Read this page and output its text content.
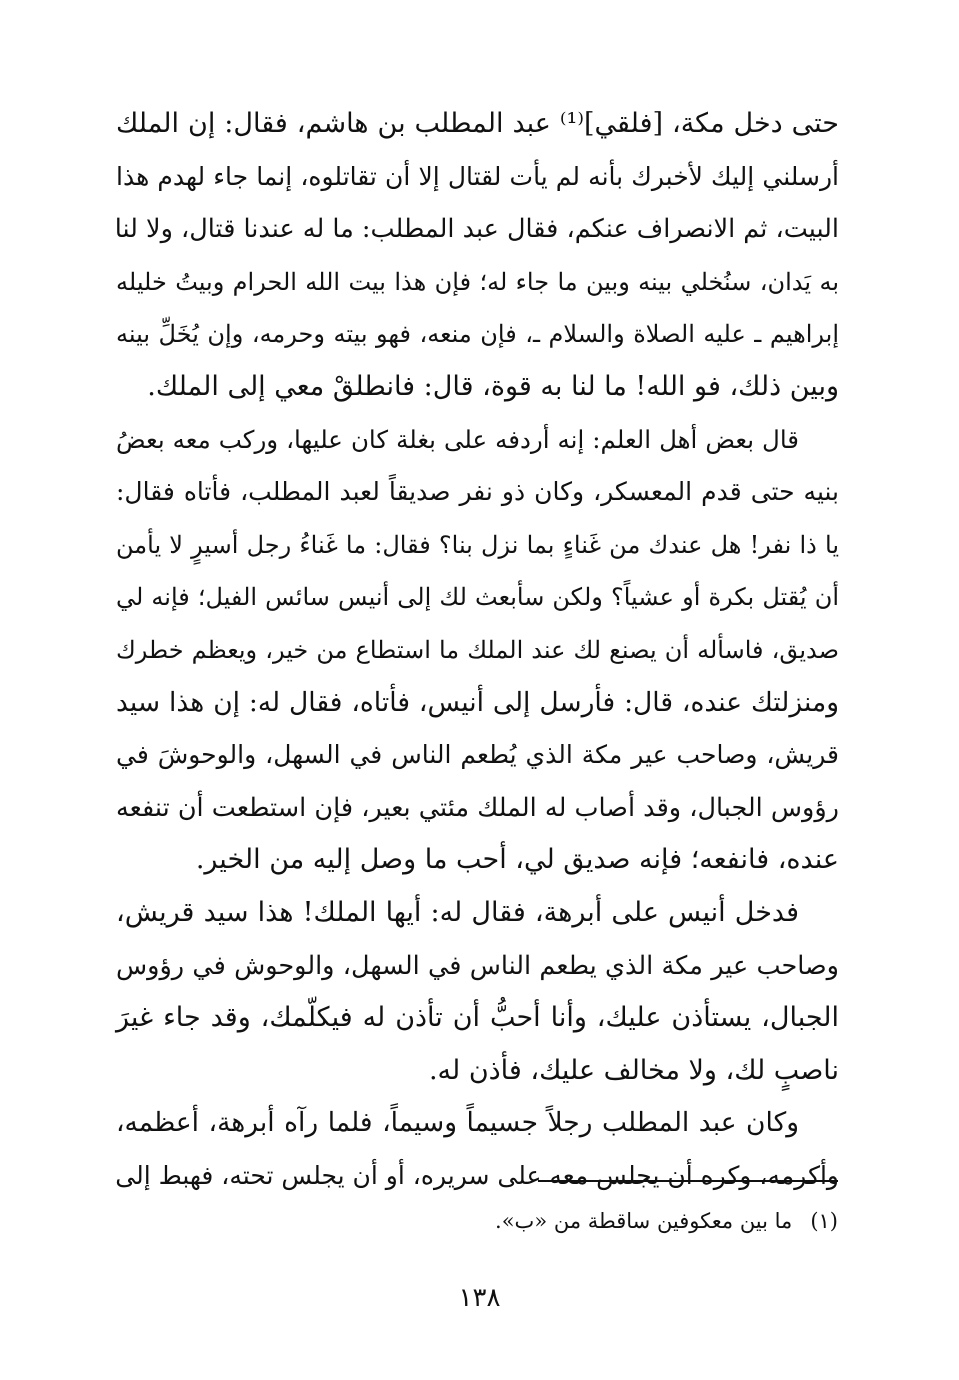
حتى دخل مكة، [فلقي]⁽¹⁾ عبد المطلب بن هاشم، فقال: إن الملك
أرسلني إليك لأخبرك بأنه لم يأت لقتال إلا أن تقاتلوه، إنما جاء لهدم هذا
البيت، ثم الانصراف عنكم، فقال عبد المطلب: ما له عندنا قتال، ولا لنا
به يَدان، سنُخلي بينه وبين ما جاء له؛ فإن هذا بيت الله الحرام وبيتُ خليله
إبراهيم ـ عليه الصلاة والسلام ـ، فإن منعه، فهو بيته وحرمه، وإن يُخَلِّ بينه
وبين ذلك، فو الله! ما لنا به قوة، قال: فانطلقْ معي إلى الملك.
قال بعض أهل العلم: إنه أردفه على بغلة كان عليها، وركب معه بعضُ
بنيه حتى قدم المعسكر، وكان ذو نفر صديقاً لعبد المطلب، فأتاه فقال:
يا ذا نفر! هل عندك من غَناءٍ بما نزل بنا؟ فقال: ما غَناءُ رجل أسيرٍ لا يأمن
أن يُقتل بكرة أو عشياً؟ ولكن سأبعث لك إلى أنيس سائس الفيل؛ فإنه لي
صديق، فاسأله أن يصنع لك عند الملك ما استطاع من خير، ويعظم خطرك
ومنزلتك عنده، قال: فأرسل إلى أنيس، فأتاه، فقال له: إن هذا سيد
قريش، وصاحب عير مكة الذي يُطعم الناس في السهل، والوحوشَ في
رؤوس الجبال، وقد أصاب له الملك مئتي بعير، فإن استطعت أن تنفعه
عنده، فانفعه؛ فإنه صديق لي، أحب ما وصل إليه من الخير.
فدخل أنيس على أبرهة، فقال له: أيها الملك! هذا سيد قريش،
وصاحب عير مكة الذي يطعم الناس في السهل، والوحوش في رؤوس
الجبال، يستأذن عليك، وأنا أحبُّ أن تأذن له فيكلّمك، وقد جاء غيرَ
ناصبٍ لك، ولا مخالف عليك، فأذن له.
وكان عبد المطلب رجلاً جسيماً وسيماً، فلما رآه أبرهة، أعظمه،
وأكرمه، وكره أن يجلس معه على سريره، أو أن يجلس تحته، فهبط إلى
(١)ما بين معكوفين ساقطة من «ب».
١٣٨
